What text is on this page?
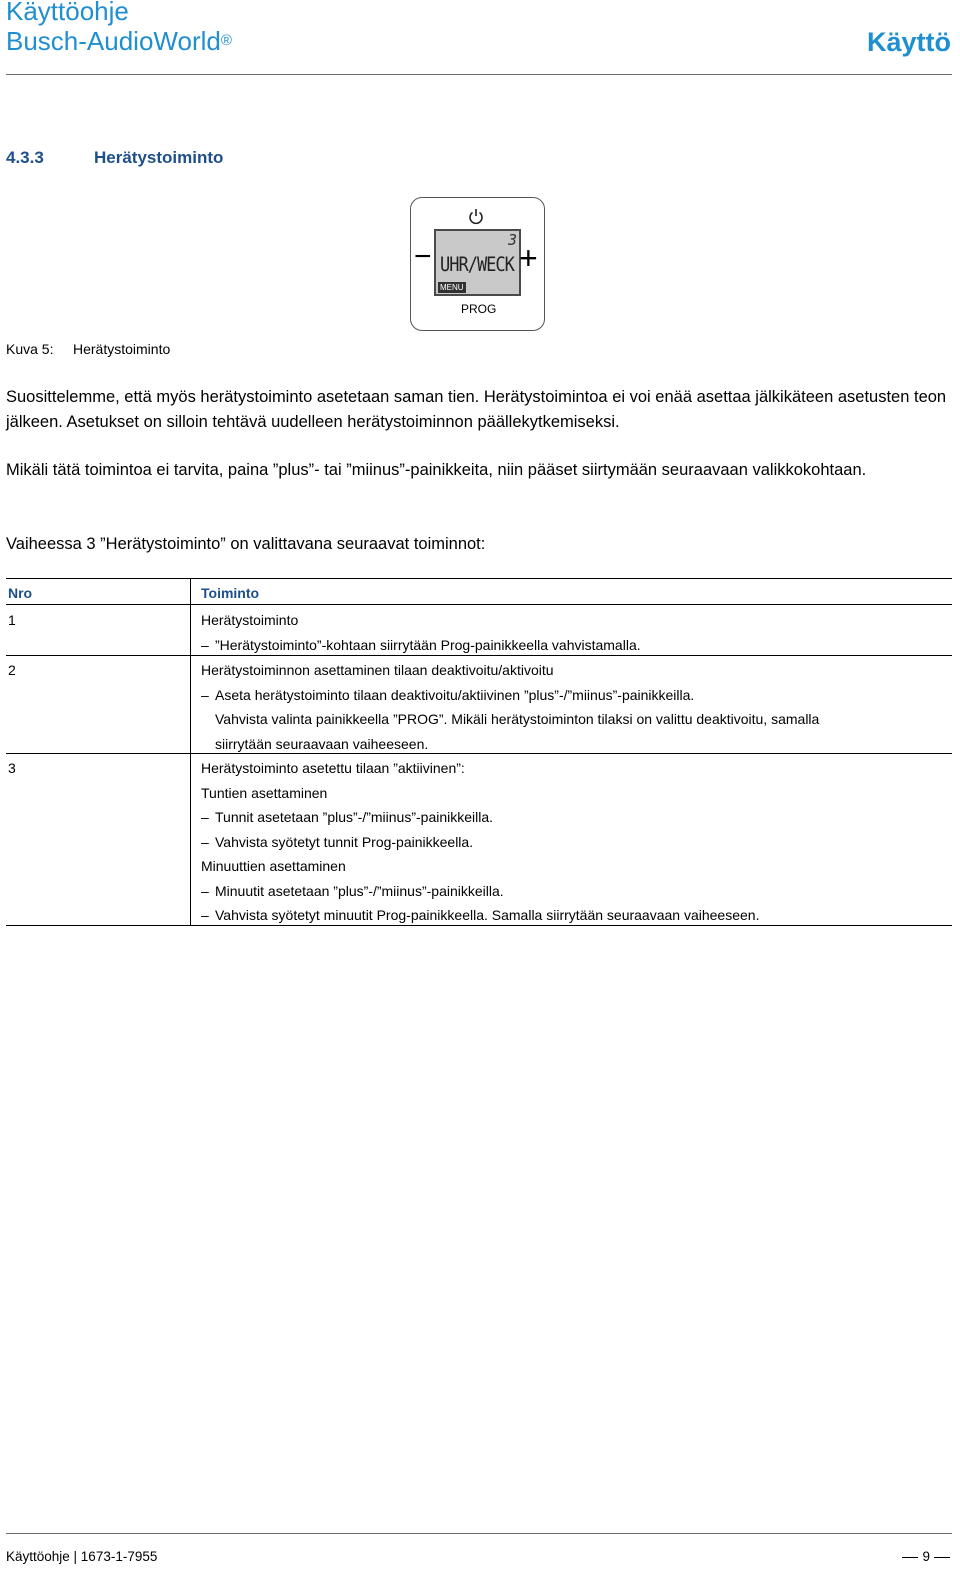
Käyttöohje
Busch-AudioWorld®	Käyttö
4.3.3	Herätystoiminto
3
UHR/WECK
MENU
−	+
PROG
Kuva 5: Herätystoiminto
Suosittelemme, että myös herätystoiminto asetetaan saman tien. Herätystoimintoa ei voi enää asettaa jälkikäteen asetusten teon jälkeen. Asetukset on silloin tehtävä uudelleen herätystoiminnon päällekytkemiseksi.
Mikäli tätä toimintoa ei tarvita, paina ”plus”- tai ”miinus”-painikkeita, niin pääset siirtymään seuraavaan valikkokohtaan.
Vaiheessa 3 ”Herätystoiminto” on valittavana seuraavat toiminnot:
Nro	Toiminto
1	Herätystoiminto
– ”Herätystoiminto”-kohtaan siirrytään Prog-painikkeella vahvistamalla.
2	Herätystoiminnon asettaminen tilaan deaktivoitu/aktivoitu
– Aseta herätystoiminto tilaan deaktivoitu/aktiivinen ”plus”-/”miinus”-painikkeilla.
Vahvista valinta painikkeella ”PROG”. Mikäli herätystoiminton tilaksi on valittu deaktivoitu, samalla
siirrytään seuraavaan vaiheeseen.
3	Herätystoiminto asetettu tilaan ”aktiivinen”:
Tuntien asettaminen
– Tunnit asetetaan ”plus”-/”miinus”-painikkeilla.
– Vahvista syötetyt tunnit Prog-painikkeella.
Minuuttien asettaminen
– Minuutit asetetaan ”plus”-/”miinus”-painikkeilla.
– Vahvista syötetyt minuutit Prog-painikkeella. Samalla siirrytään seuraavaan vaiheeseen.
Käyttöohje | 1673-1-7955	9
